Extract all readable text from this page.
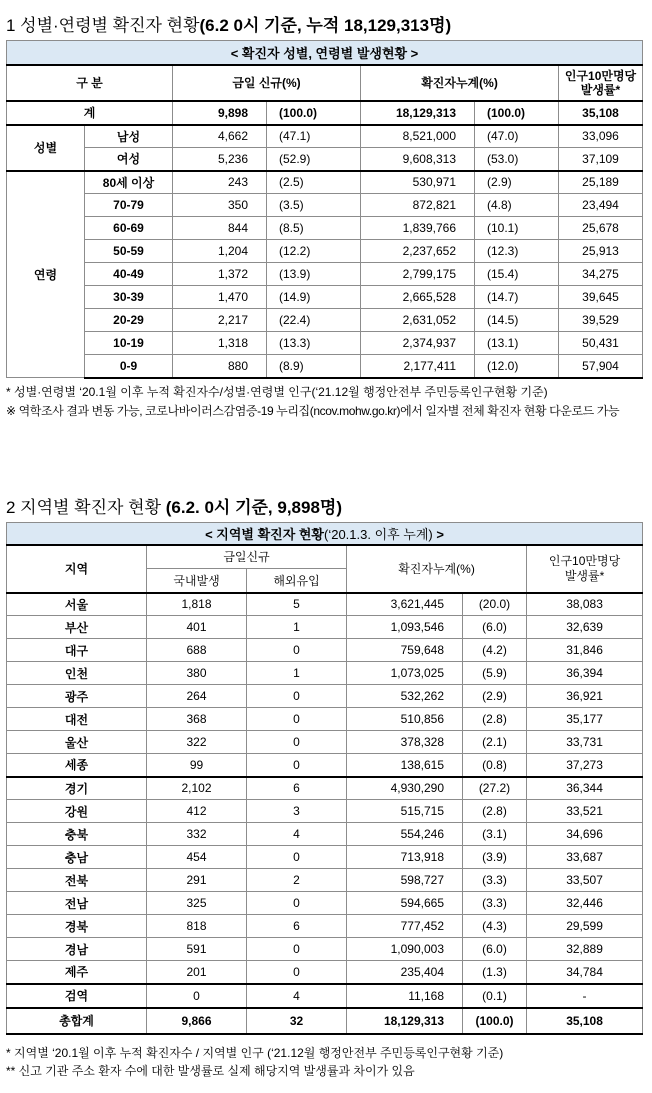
1 성별·연령별 확진자 현황(6.2 0시 기준, 누적 18,129,313명)
< 확진자 성별, 연령별 발생현황 >						
구 분		금일 신규(%)		확진자누계(%)		인구10만명당
발생률*
계		9,898	(100.0)	18,129,313	(100.0)	35,108
성별	남성	4,662	(47.1)	8,521,000	(47.0)	33,096
	여성	5,236	(52.9)	9,608,313	(53.0)	37,109
연령	80세 이상	243	(2.5)	530,971	(2.9)	25,189
	70-79	350	(3.5)	872,821	(4.8)	23,494
	60-69	844	(8.5)	1,839,766	(10.1)	25,678
	50-59	1,204	(12.2)	2,237,652	(12.3)	25,913
	40-49	1,372	(13.9)	2,799,175	(15.4)	34,275
	30-39	1,470	(14.9)	2,665,528	(14.7)	39,645
	20-29	2,217	(22.4)	2,631,052	(14.5)	39,529
	10-19	1,318	(13.3)	2,374,937	(13.1)	50,431
	0-9	880	(8.9)	2,177,411	(12.0)	57,904
* 성별·연령별 ‘20.1월 이후 누적 확진자수/성별·연령별 인구(‘21.12월 행정안전부 주민등록인구현황 기준)
※ 역학조사 결과 변동 가능, 코로나바이러스감염증-19 누리집(ncov.mohw.go.kr)에서 일자별 전체 확진자 현황 다운로드 가능
2 지역별 확진자 현황 (6.2. 0시 기준, 9,898명)
< 지역별 확진자 현황(‘20.1.3. 이후 누계) >					
지역	금일신규		확진자누계(%)		인구10만명당
발생률*
	국내발생	해외유입			
서울	1,818	5	3,621,445	(20.0)	38,083
부산	401	1	1,093,546	(6.0)	32,639
대구	688	0	759,648	(4.2)	31,846
인천	380	1	1,073,025	(5.9)	36,394
광주	264	0	532,262	(2.9)	36,921
대전	368	0	510,856	(2.8)	35,177
울산	322	0	378,328	(2.1)	33,731
세종	99	0	138,615	(0.8)	37,273
경기	2,102	6	4,930,290	(27.2)	36,344
강원	412	3	515,715	(2.8)	33,521
충북	332	4	554,246	(3.1)	34,696
충남	454	0	713,918	(3.9)	33,687
전북	291	2	598,727	(3.3)	33,507
전남	325	0	594,665	(3.3)	32,446
경북	818	6	777,452	(4.3)	29,599
경남	591	0	1,090,003	(6.0)	32,889
제주	201	0	235,404	(1.3)	34,784
검역	0	4	11,168	(0.1)	-
총합계	9,866	32	18,129,313	(100.0)	35,108
* 지역별 ‘20.1월 이후 누적 확진자수 / 지역별 인구 (‘21.12월 행정안전부 주민등록인구현황 기준)
** 신고 기관 주소 환자 수에 대한 발생률로 실제 해당지역 발생률과 차이가 있음
